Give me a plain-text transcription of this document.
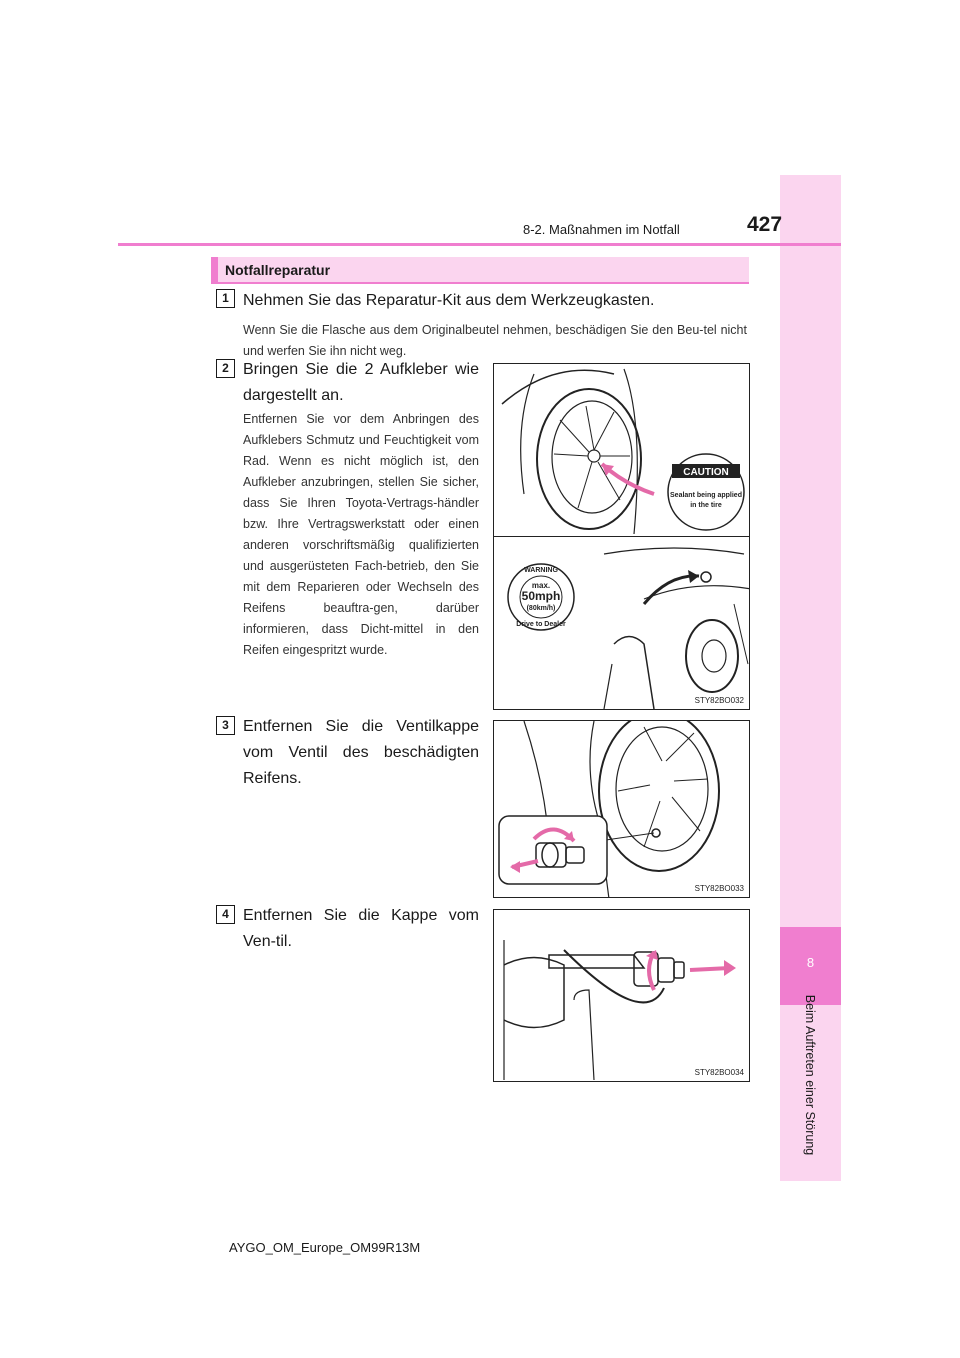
8
Beim Auftreten einer Störung
8-2. Maßnahmen im Notfall	427
Notfallreparatur
1 Nehmen Sie das Reparatur-Kit aus dem Werkzeugkasten.
Wenn Sie die Flasche aus dem Originalbeutel nehmen, beschädigen Sie den Beu-tel nicht und werfen Sie ihn nicht weg.
2 Bringen Sie die 2 Aufkleber wie dargestellt an.
Entfernen Sie vor dem Anbringen des Aufklebers Schmutz und Feuchtigkeit vom Rad. Wenn es nicht möglich ist, den Aufkleber anzubringen, stellen Sie sicher, dass Sie Ihren Toyota-Vertrags-händler bzw. Ihre Vertragswerkstatt oder einen anderen vorschriftsmäßig qualifizierten und ausgerüsteten Fach-betrieb, den Sie mit dem Reparieren oder Wechseln des Reifens beauftra-gen, darüber informieren, dass Dicht-mittel in den Reifen eingespritzt wurde.
CAUTION
Sealant being applied
in the tire
WARNING
max.
50mph
(80km/h)
Drive to Dealer
STY82BO032
3 Entfernen Sie die Ventilkappe vom Ventil des beschädigten Reifens.
STY82BO033
4 Entfernen Sie die Kappe vom Ven-til.
STY82BO034
AYGO_OM_Europe_OM99R13M
